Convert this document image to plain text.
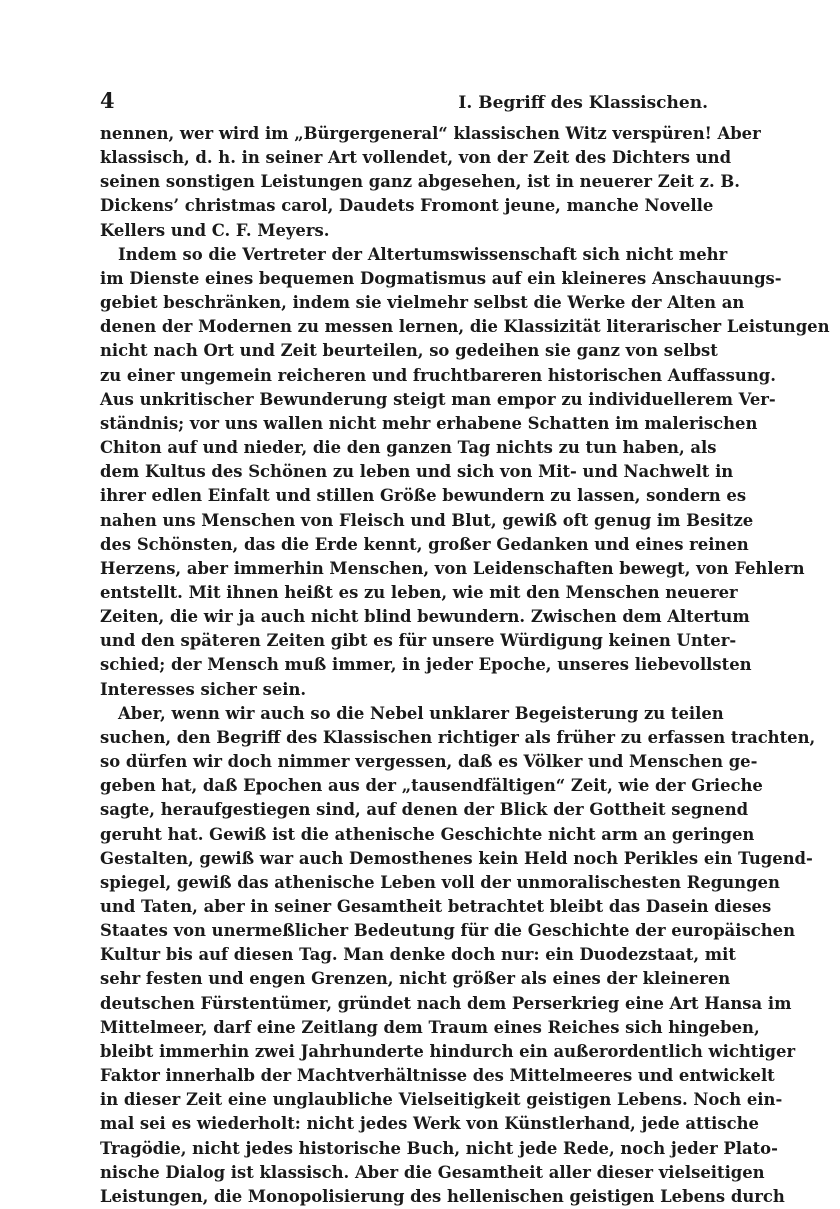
4	I. Begriff des Klassischen.
nennen, wer wird im „Bürgergeneral“ klassischen Witz verspüren! Aber
klassisch, d. h. in seiner Art vollendet, von der Zeit des Dichters und
seinen sonstigen Leistungen ganz abgesehen, ist in neuerer Zeit z. B.
Dickens’ christmas carol, Daudets Fromont jeune, manche Novelle
Kellers und C. F. Meyers.
Indem so die Vertreter der Altertumswissenschaft sich nicht mehr
im Dienste eines bequemen Dogmatismus auf ein kleineres Anschauungs-
gebiet beschränken, indem sie vielmehr selbst die Werke der Alten an
denen der Modernen zu messen lernen, die Klassizität literarischer Leistungen
nicht nach Ort und Zeit beurteilen, so gedeihen sie ganz von selbst
zu einer ungemein reicheren und fruchtbareren historischen Auffassung.
Aus unkritischer Bewunderung steigt man empor zu individuellerem Ver-
ständnis; vor uns wallen nicht mehr erhabene Schatten im malerischen
Chiton auf und nieder, die den ganzen Tag nichts zu tun haben, als
dem Kultus des Schönen zu leben und sich von Mit- und Nachwelt in
ihrer edlen Einfalt und stillen Größe bewundern zu lassen, sondern es
nahen uns Menschen von Fleisch und Blut, gewiß oft genug im Besitze
des Schönsten, das die Erde kennt, großer Gedanken und eines reinen
Herzens, aber immerhin Menschen, von Leidenschaften bewegt, von Fehlern
entstellt. Mit ihnen heißt es zu leben, wie mit den Menschen neuerer
Zeiten, die wir ja auch nicht blind bewundern. Zwischen dem Altertum
und den späteren Zeiten gibt es für unsere Würdigung keinen Unter-
schied; der Mensch muß immer, in jeder Epoche, unseres liebevollsten
Interesses sicher sein.
Aber, wenn wir auch so die Nebel unklarer Begeisterung zu teilen
suchen, den Begriff des Klassischen richtiger als früher zu erfassen trachten,
so dürfen wir doch nimmer vergessen, daß es Völker und Menschen ge-
geben hat, daß Epochen aus der „tausendfältigen“ Zeit, wie der Grieche
sagte, heraufgestiegen sind, auf denen der Blick der Gottheit segnend
geruht hat. Gewiß ist die athenische Geschichte nicht arm an geringen
Gestalten, gewiß war auch Demosthenes kein Held noch Perikles ein Tugend-
spiegel, gewiß das athenische Leben voll der unmoralischesten Regungen
und Taten, aber in seiner Gesamtheit betrachtet bleibt das Dasein dieses
Staates von unermeßlicher Bedeutung für die Geschichte der europäischen
Kultur bis auf diesen Tag. Man denke doch nur: ein Duodezstaat, mit
sehr festen und engen Grenzen, nicht größer als eines der kleineren
deutschen Fürstentümer, gründet nach dem Perserkrieg eine Art Hansa im
Mittelmeer, darf eine Zeitlang dem Traum eines Reiches sich hingeben,
bleibt immerhin zwei Jahrhunderte hindurch ein außerordentlich wichtiger
Faktor innerhalb der Machtverhältnisse des Mittelmeeres und entwickelt
in dieser Zeit eine unglaubliche Vielseitigkeit geistigen Lebens. Noch ein-
mal sei es wiederholt: nicht jedes Werk von Künstlerhand, jede attische
Tragödie, nicht jedes historische Buch, nicht jede Rede, noch jeder Plato-
nische Dialog ist klassisch. Aber die Gesamtheit aller dieser vielseitigen
Leistungen, die Monopolisierung des hellenischen geistigen Lebens durch
